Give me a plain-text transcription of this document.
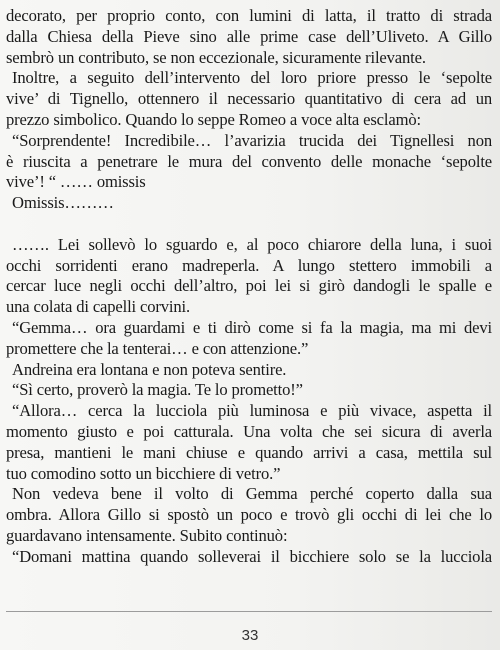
decorato, per proprio conto, con lumini di latta, il tratto di strada
dalla Chiesa della Pieve sino alle prime case dell’Uliveto. A Gillo
sembrò un contributo, se non eccezionale, sicuramente rilevante.
Inoltre, a seguito dell’intervento del loro priore presso le ‘sepolte
vive’ di Tignello, ottennero il necessario quantitativo di cera ad un
prezzo simbolico. Quando lo seppe Romeo a voce alta esclamò:
“Sorprendente! Incredibile… l’avarizia trucida dei Tignellesi non
è riuscita a penetrare le mura del convento delle monache ‘sepolte
vive’! “ …… omissis
Omissis………
……. Lei sollevò lo sguardo e, al poco chiarore della luna, i suoi
occhi sorridenti erano madreperla. A lungo stettero immobili a
cercar luce negli occhi dell’altro, poi lei si girò dandogli le spalle e
una colata di capelli corvini.
“Gemma… ora guardami e ti dirò come si fa la magia, ma mi devi
promettere che la tenterai… e con attenzione.”
Andreina era lontana e non poteva sentire.
“Sì certo, proverò la magia. Te lo prometto!”
“Allora… cerca la lucciola più luminosa e più vivace, aspetta il
momento giusto e poi catturala. Una volta che sei sicura di averla
presa, mantieni le mani chiuse e quando arrivi a casa, mettila sul
tuo comodino sotto un bicchiere di vetro.”
Non vedeva bene il volto di Gemma perché coperto dalla sua
ombra. Allora Gillo si spostò un poco e trovò gli occhi di lei che lo
guardavano intensamente. Subito continuò:
“Domani mattina quando solleverai il bicchiere solo se la lucciola
33
